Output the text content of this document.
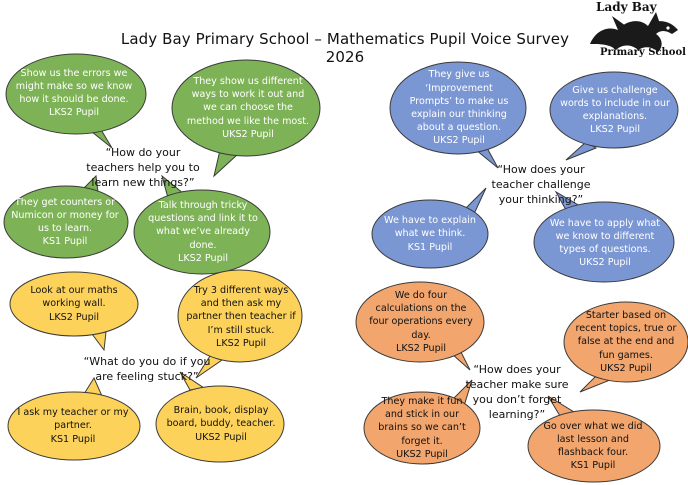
Lady Bay Primary School – Mathematics Pupil Voice Survey 2026
Lady Bay
Primary School
Show us the errors we might make so we know how it should be done.
LKS2 Pupil
They show us different ways to work it out and we can choose the method we like the most.
UKS2 Pupil
They get counters or Numicon or money for us to learn.
KS1 Pupil
Talk through tricky questions and link it to what we’ve already done.
LKS2 Pupil
“How do your teachers help you to learn new things?”
They give us ‘Improvement Prompts’ to make us explain our thinking about a question.
UKS2 Pupil
Give us challenge words to include in our explanations.
LKS2 Pupil
We have to explain what we think.
KS1 Pupil
We have to apply what we know to different types of questions.
UKS2 Pupil
“How does your teacher challenge your thinking?”
Look at our maths working wall.
LKS2 Pupil
Try 3 different ways and then ask my partner then teacher if I’m still stuck.
LKS2 Pupil
I ask my teacher or my partner.
KS1 Pupil
Brain, book, display board, buddy, teacher.
UKS2 Pupil
“What do you do if you are feeling stuck?”
We do four calculations on the four operations every day.
LKS2 Pupil
Starter based on recent topics, true or false at the end and fun games.
UKS2 Pupil
They make it fun and stick in our brains so we can’t forget it.
UKS2 Pupil
Go over what we did last lesson and flashback four.
KS1 Pupil
“How does your teacher make sure you don’t forget learning?”
